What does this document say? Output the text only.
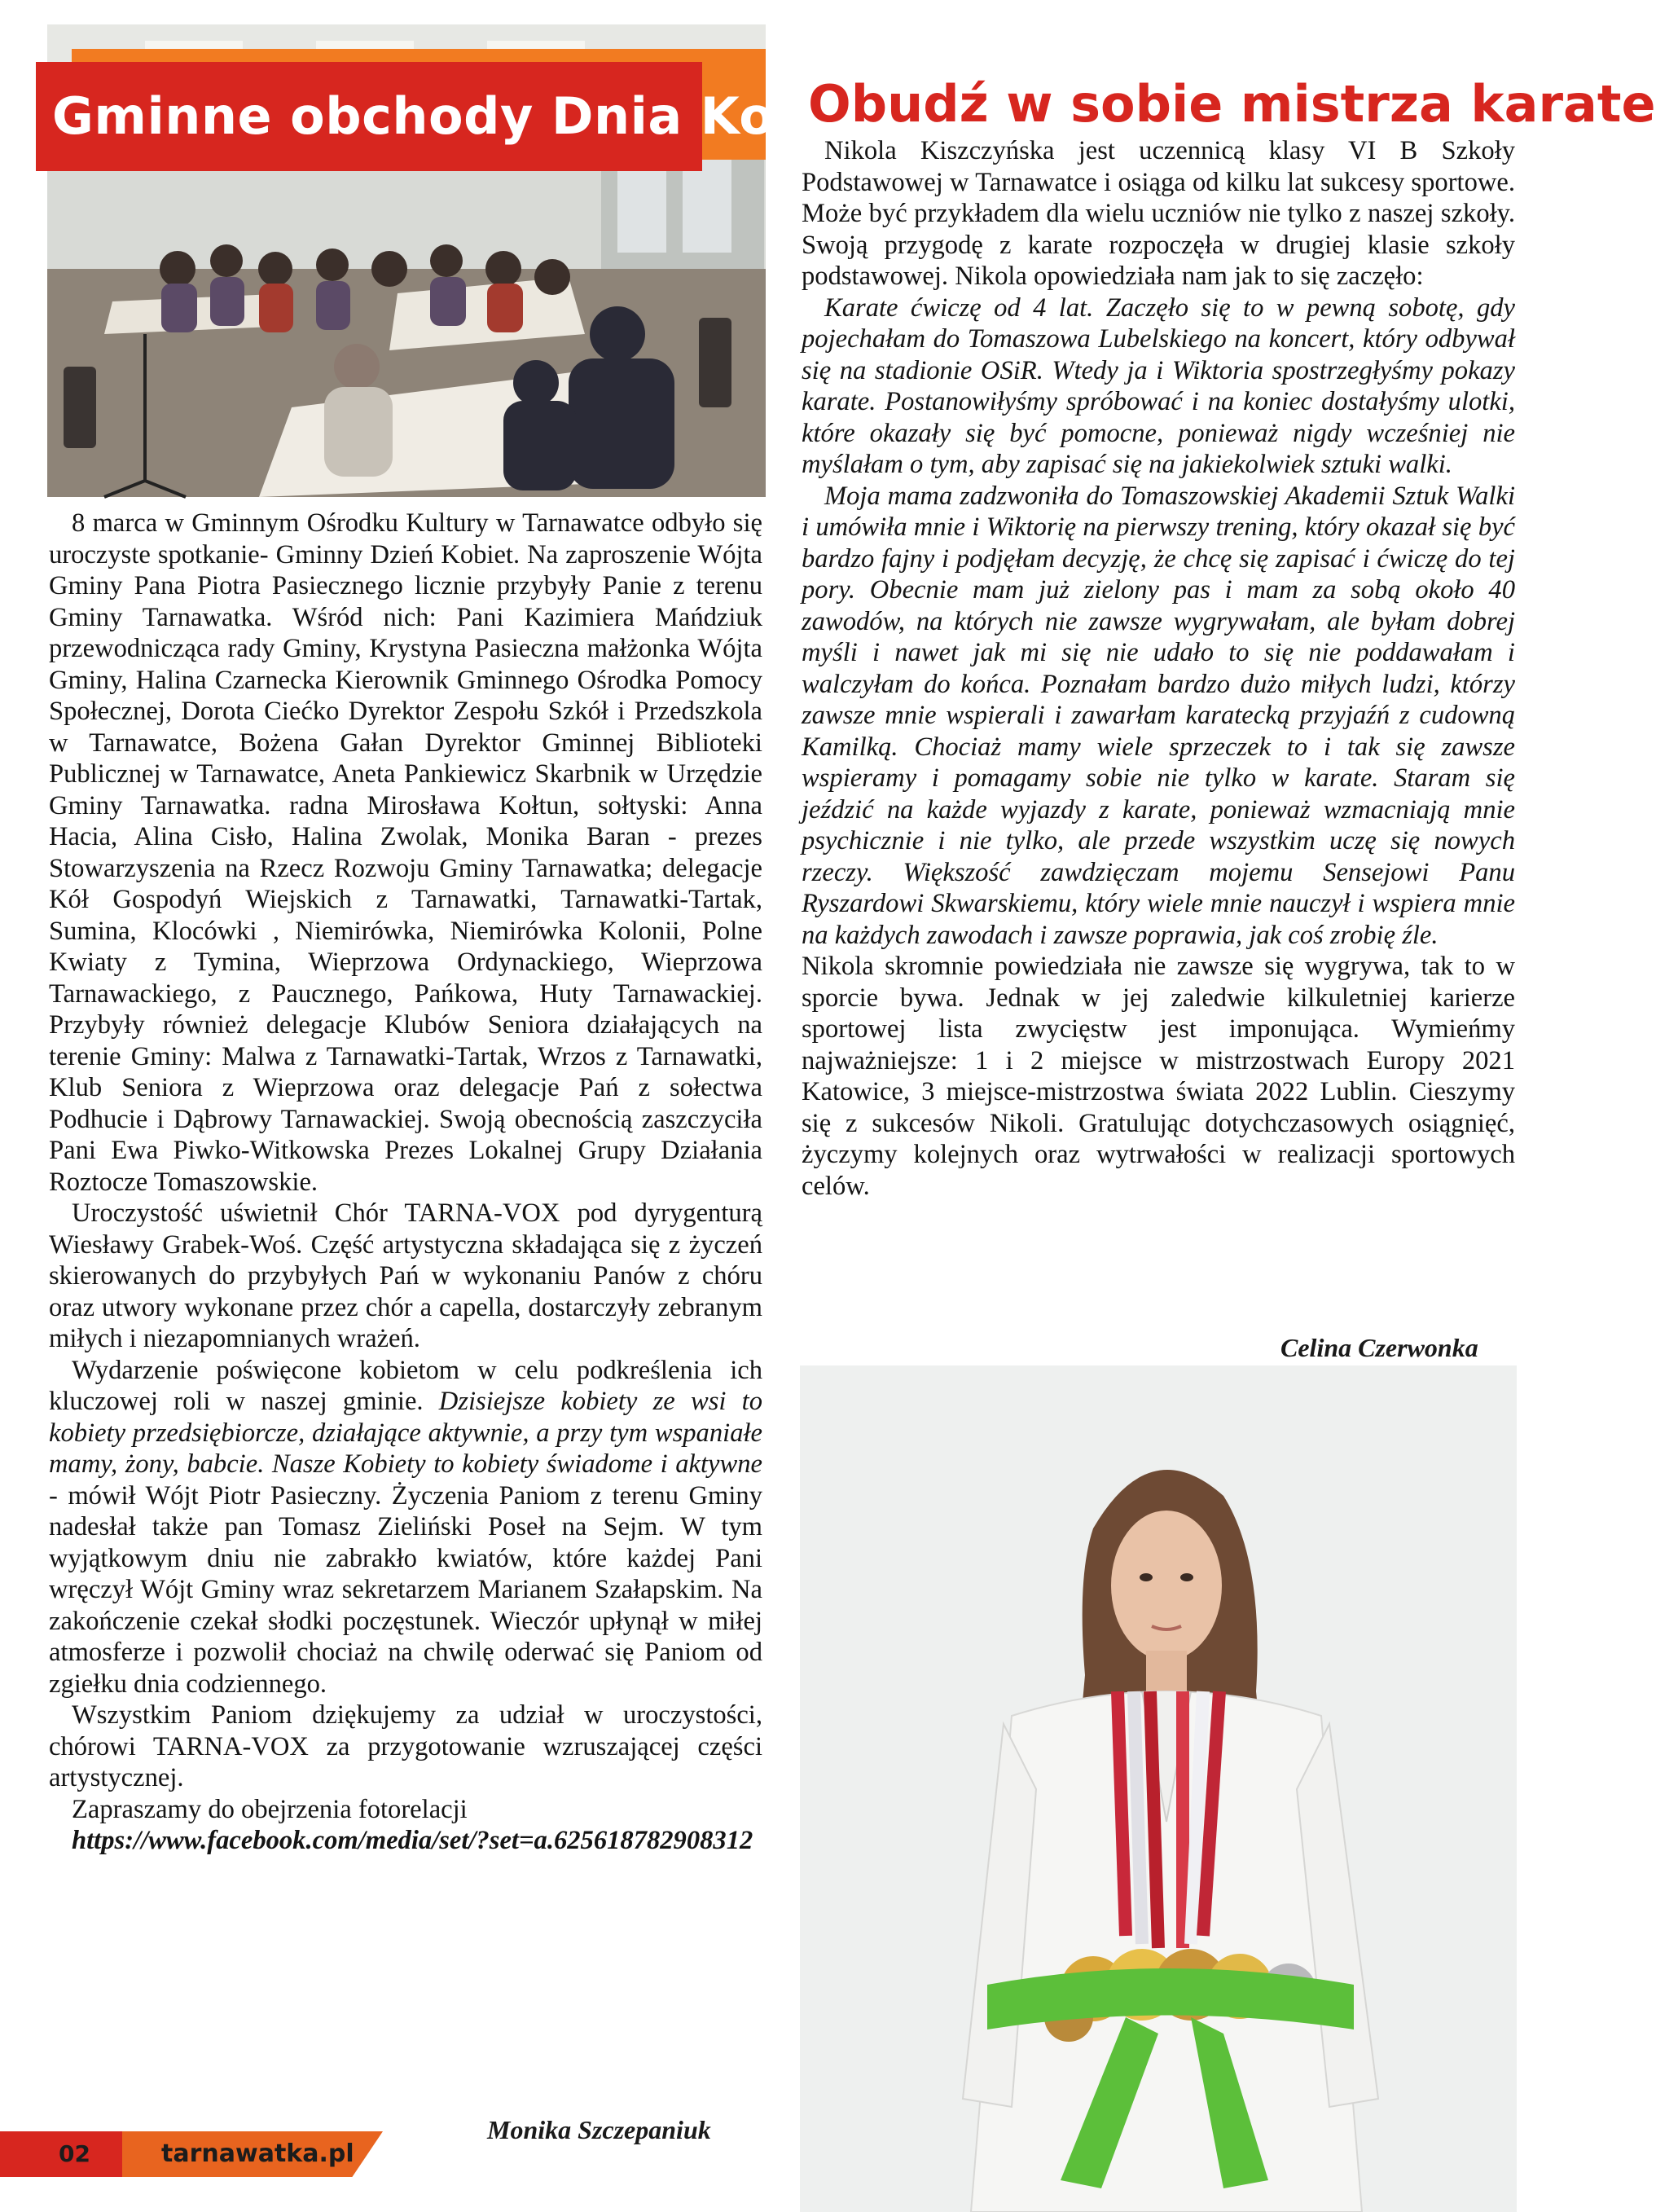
Gminne obchody Dnia Kobiet

8 marca w Gminnym Ośrodku Kultury w Tarnawatce odbyło się uroczyste spotkanie- Gminny Dzień Kobiet. Na zaproszenie Wójta Gminy Pana Piotra Pasiecznego licznie przybyły Panie z terenu Gminy Tarnawatka. Wśród nich: Pani Kazimiera Mańdziuk przewodnicząca rady Gminy, Krystyna Pasieczna małżonka Wójta Gminy, Halina Czarnecka Kierownik Gminnego Ośrodka Pomocy Społecznej, Dorota Ciećko Dyrektor Zespołu Szkół i Przedszkola w Tarnawatce, Bożena Gałan Dyrektor Gminnej Biblioteki Publicznej w Tarnawatce, Aneta Pankiewicz Skarbnik w Urzędzie Gminy Tarnawatka. radna Mirosława Kołtun, sołtyski: Anna Hacia, Alina Cisło, Halina Zwolak, Monika Baran - prezes Stowarzyszenia na Rzecz Rozwoju Gminy Tarnawatka; delegacje Kół Gospodyń Wiejskich z Tarnawatki, Tarnawatki-Tartak, Sumina, Klocówki , Niemirówka, Niemirówka Kolonii, Polne Kwiaty z Tymina, Wieprzowa Ordynackiego, Wieprzowa Tarnawackiego, z Paucznego, Pańkowa, Huty Tarnawackiej. Przybyły również delegacje Klubów Seniora działających na terenie Gminy: Malwa z Tarnawatki-Tartak, Wrzos z Tarnawatki, Klub Seniora z Wieprzowa oraz delegacje Pań z sołectwa Podhucie i Dąbrowy Tarnawackiej. Swoją obecnością zaszczyciła Pani Ewa Piwko-Witkowska Prezes Lokalnej Grupy Działania Roztocze Tomaszowskie.

Uroczystość uświetnił Chór TARNA-VOX pod dyrygenturą Wiesławy Grabek-Woś. Część artystyczna składająca się z życzeń skierowanych do przybyłych Pań w wykonaniu Panów z chóru oraz utwory wykonane przez chór a capella, dostarczyły zebranym miłych i niezapomnianych wrażeń.

Wydarzenie poświęcone kobietom w celu podkreślenia ich kluczowej roli w naszej gminie. Dzisiejsze kobiety ze wsi to kobiety przedsiębiorcze, działające aktywnie, a przy tym wspaniałe mamy, żony, babcie. Nasze Kobiety to kobiety świadome i aktywne - mówił Wójt Piotr Pasieczny. Życzenia Paniom z terenu Gminy nadesłał także pan Tomasz Zieliński Poseł na Sejm. W tym wyjątkowym dniu nie zabrakło kwiatów, które każdej Pani wręczył Wójt Gminy wraz sekretarzem Marianem Szałapskim. Na zakończenie czekał słodki poczęstunek. Wieczór upłynął w miłej atmosferze i pozwolił chociaż na chwilę oderwać się Paniom od zgiełku dnia codziennego.

Wszystkim Paniom dziękujemy za udział w uroczystości, chórowi TARNA-VOX za przygotowanie wzruszającej części artystycznej.

Zapraszamy do obejrzenia fotorelacji

https://www.facebook.com/media/set/?set=a.625618782908312

Monika Szczepaniuk
02	tarnawatka.pl
Obudź w sobie mistrza karate

Nikola Kiszczyńska jest uczennicą klasy VI B Szkoły Podstawowej w Tarnawatce i osiąga od kilku lat sukcesy sportowe. Może być przykładem dla wielu uczniów nie tylko z naszej szkoły. Swoją przygodę z karate rozpoczęła w drugiej klasie szkoły podstawowej. Nikola opowiedziała nam jak to się zaczęło:

Karate ćwiczę od 4 lat. Zaczęło się to w pewną sobotę, gdy pojechałam do Tomaszowa Lubelskiego na koncert, który odbywał się na stadionie OSiR. Wtedy ja i Wiktoria spostrzegłyśmy pokazy karate. Postanowiłyśmy spróbować i na koniec dostałyśmy ulotki, które okazały się być pomocne, ponieważ nigdy wcześniej nie myślałam o tym, aby zapisać się na jakiekolwiek sztuki walki.

Moja mama zadzwoniła do Tomaszowskiej Akademii Sztuk Walki i umówiła mnie i Wiktorię na pierwszy trening, który okazał się być bardzo fajny i podjęłam decyzję, że chcę się zapisać i ćwiczę do tej pory. Obecnie mam już zielony pas i mam za sobą około 40 zawodów, na których nie zawsze wygrywałam, ale byłam dobrej myśli i nawet jak mi się nie udało to się nie poddawałam i walczyłam do końca. Poznałam bardzo dużo miłych ludzi, którzy zawsze mnie wspierali i zawarłam karatecką przyjaźń z cudowną Kamilką. Chociaż mamy wiele sprzeczek to i tak się zawsze wspieramy i pomagamy sobie nie tylko w karate. Staram się jeździć na każde wyjazdy z karate, ponieważ wzmacniają mnie psychicznie i nie tylko, ale przede wszystkim uczę się nowych rzeczy. Większość zawdzięczam mojemu Sensejowi Panu Ryszardowi Skwarskiemu, który wiele mnie nauczył i wspiera mnie na każdych zawodach i zawsze poprawia, jak coś zrobię źle.

Nikola skromnie powiedziała nie zawsze się wygrywa, tak to w sporcie bywa. Jednak w jej zaledwie kilkuletniej karierze sportowej lista zwycięstw jest imponująca. Wymieńmy najważniejsze: 1 i 2 miejsce w mistrzostwach Europy 2021 Katowice, 3 miejsce-mistrzostwa świata 2022 Lublin. Cieszymy się z sukcesów Nikoli. Gratulując dotychczasowych osiągnięć, życzymy kolejnych oraz wytrwałości w realizacji sportowych celów.

Celina Czerwonka
